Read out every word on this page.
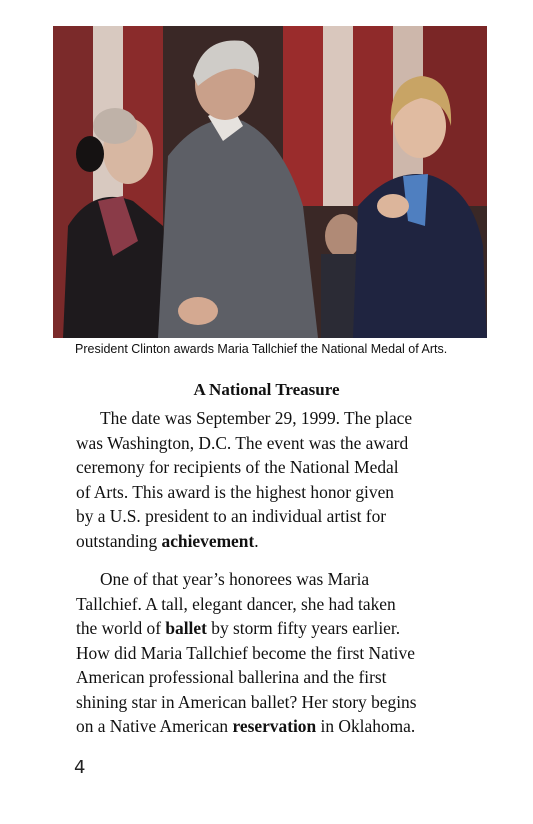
President Clinton awards Maria Tallchief the National Medal of Arts.
A National Treasure

The date was September 29, 1999. The place
was Washington, D.C. The event was the award
ceremony for recipients of the National Medal
of Arts. This award is the highest honor given
by a U.S. president to an individual artist for
outstanding achievement.

One of that year’s honorees was Maria
Tallchief. A tall, elegant dancer, she had taken
the world of ballet by storm fifty years earlier.
How did Maria Tallchief become the first Native
American professional ballerina and the first
shining star in American ballet? Her story begins
on a Native American reservation in Oklahoma.

4
